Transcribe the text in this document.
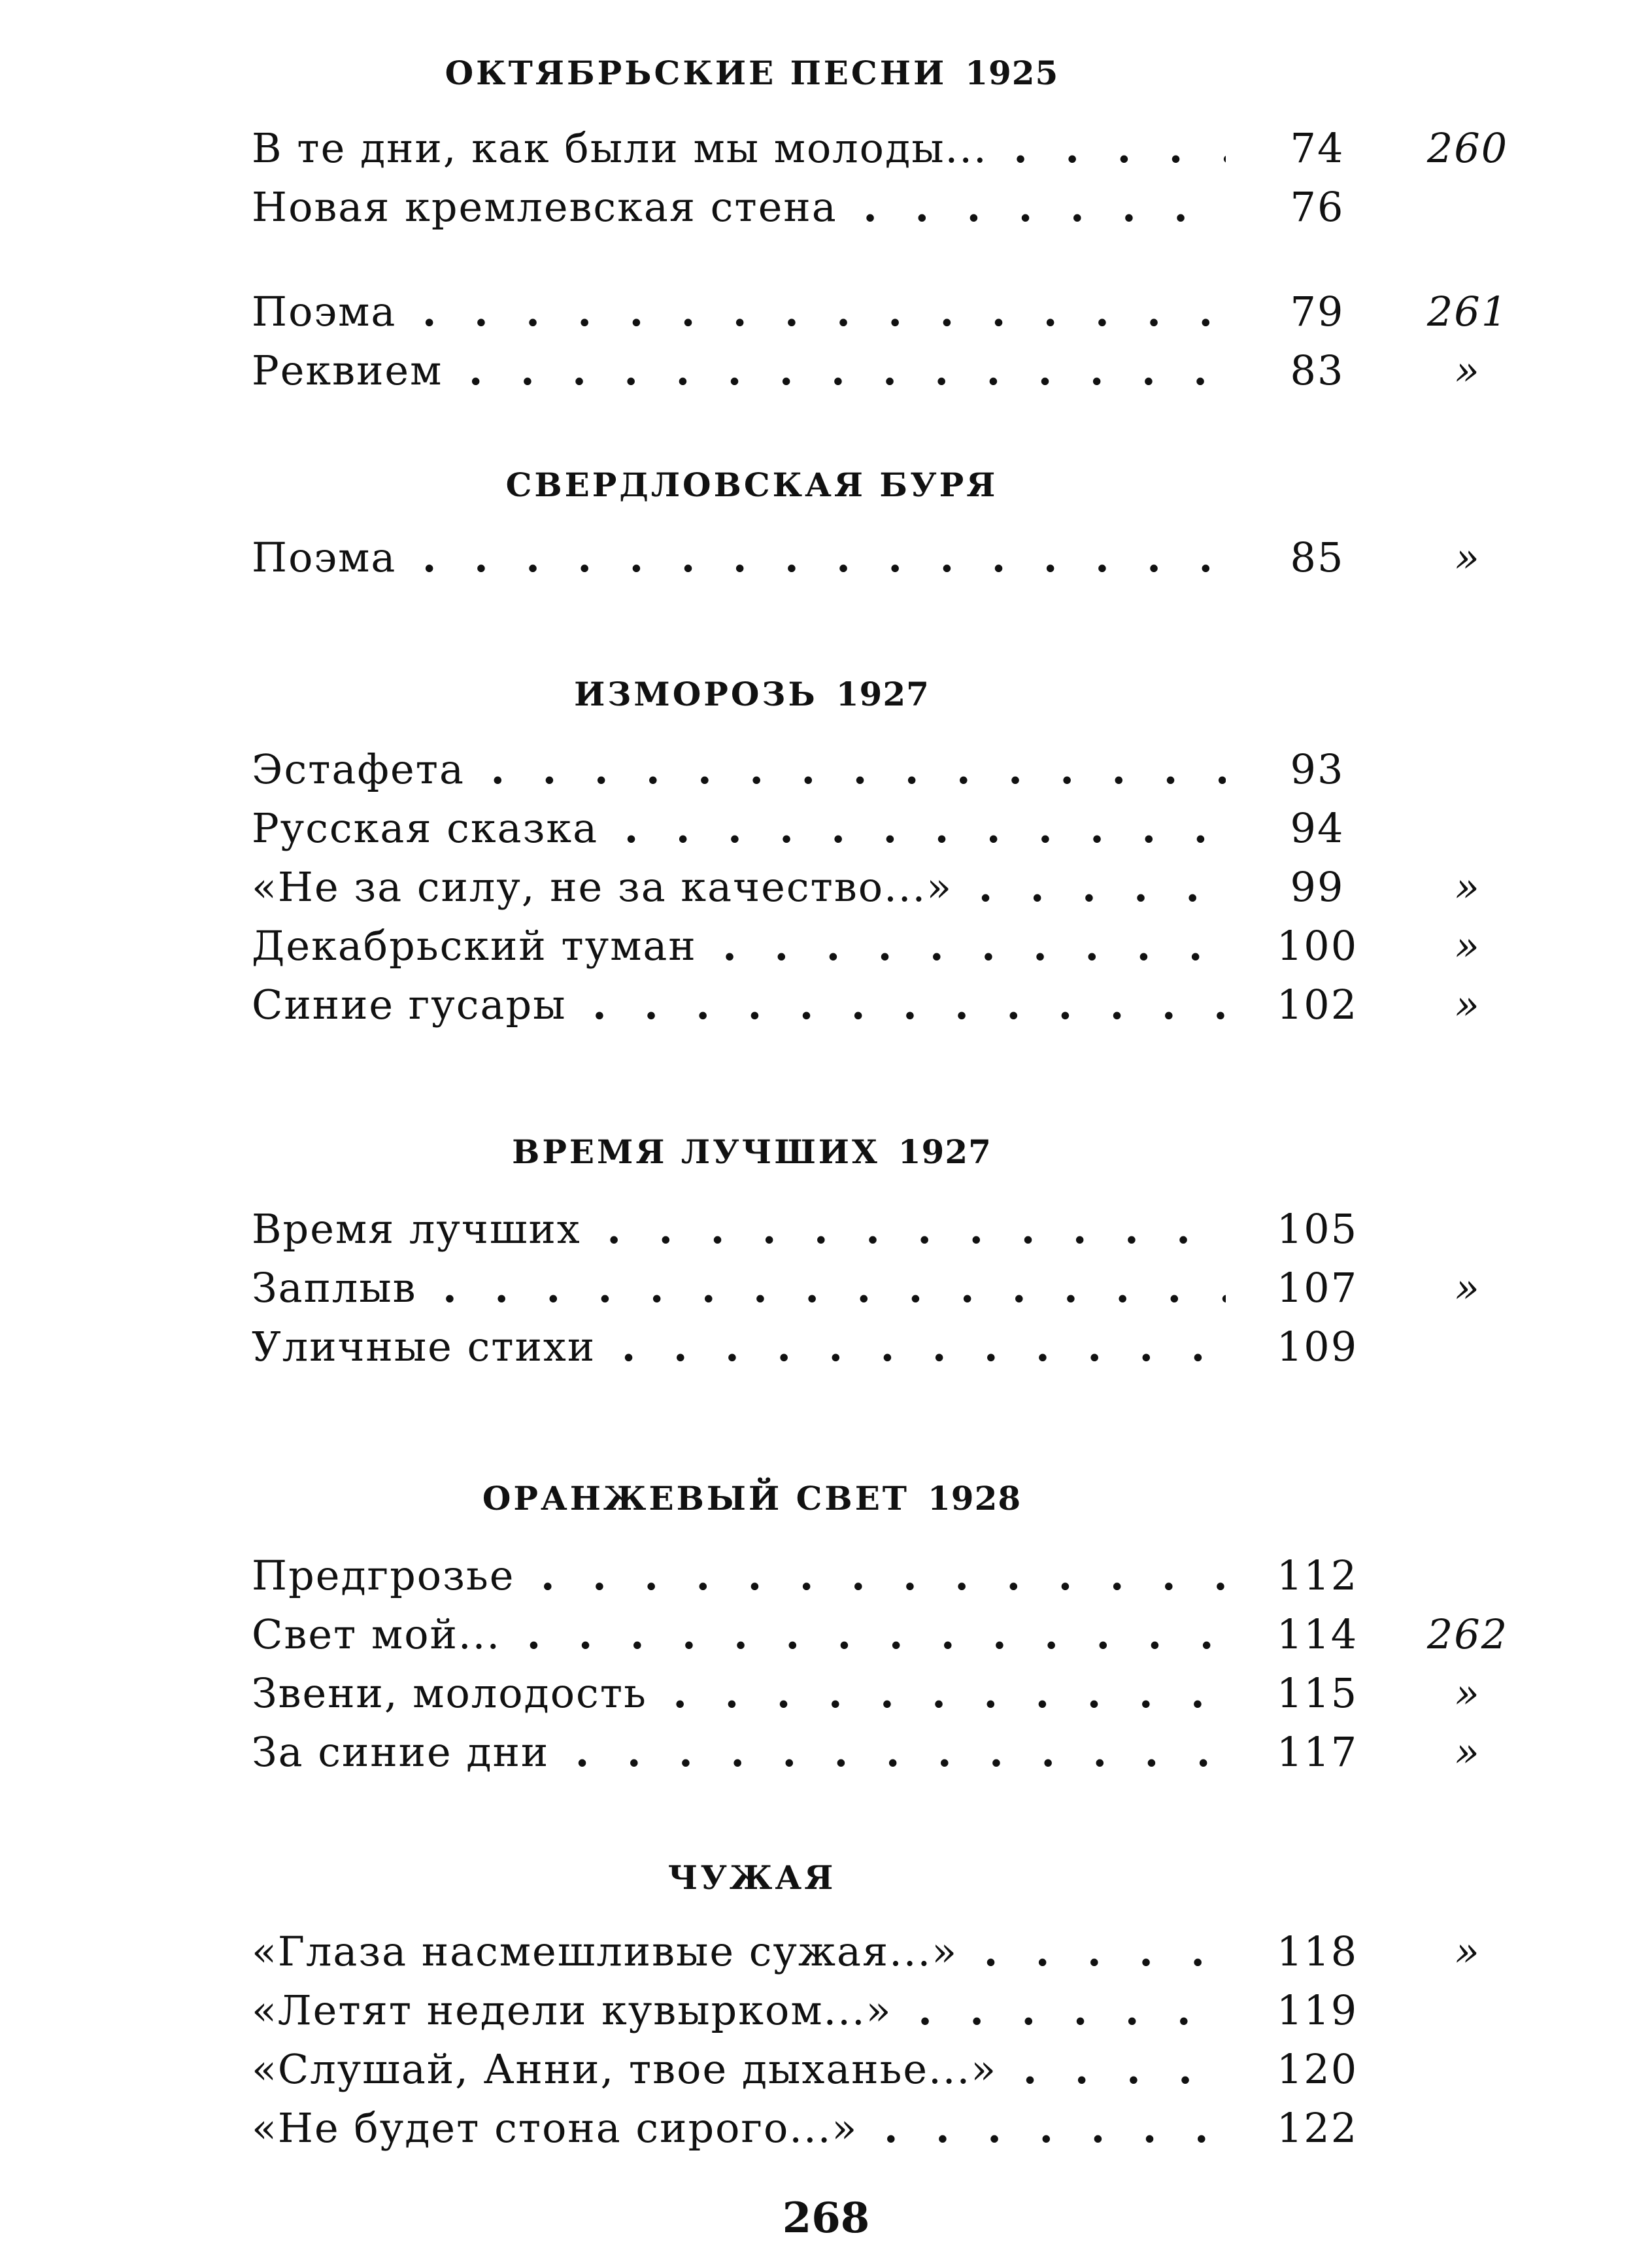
ОКТЯБРЬСКИЕ ПЕСНИ 1925
В те дни, как были мы молоды... . .	74	260
Новая кремлевская стена . .	76
Поэма . .	79	261
Реквием . .	83	»
СВЕРДЛОВСКАЯ БУРЯ
Поэма . .	85	»
ИЗМОРОЗЬ 1927
Эстафета . .	93
Русская сказка . .	94
«Не за силу, не за качество...» . .	99	»
Декабрьский туман . .	100	»
Синие гусары . .	102	»
ВРЕМЯ ЛУЧШИХ 1927
Время лучших . .	105
Заплыв . .	107	»
Уличные стихи . .	109
ОРАНЖЕВЫЙ СВЕТ 1928
Предгрозье . .	112
Свет мой... . .	114	262
Звени, молодость . .	115	»
За синие дни . .	117	»
ЧУЖАЯ
«Глаза насмешливые сужая...» . .	118	»
«Летят недели кувырком...» . .	119
«Слушай, Анни, твое дыханье...» . .	120
«Не будет стона сирого...» . .	122
268
